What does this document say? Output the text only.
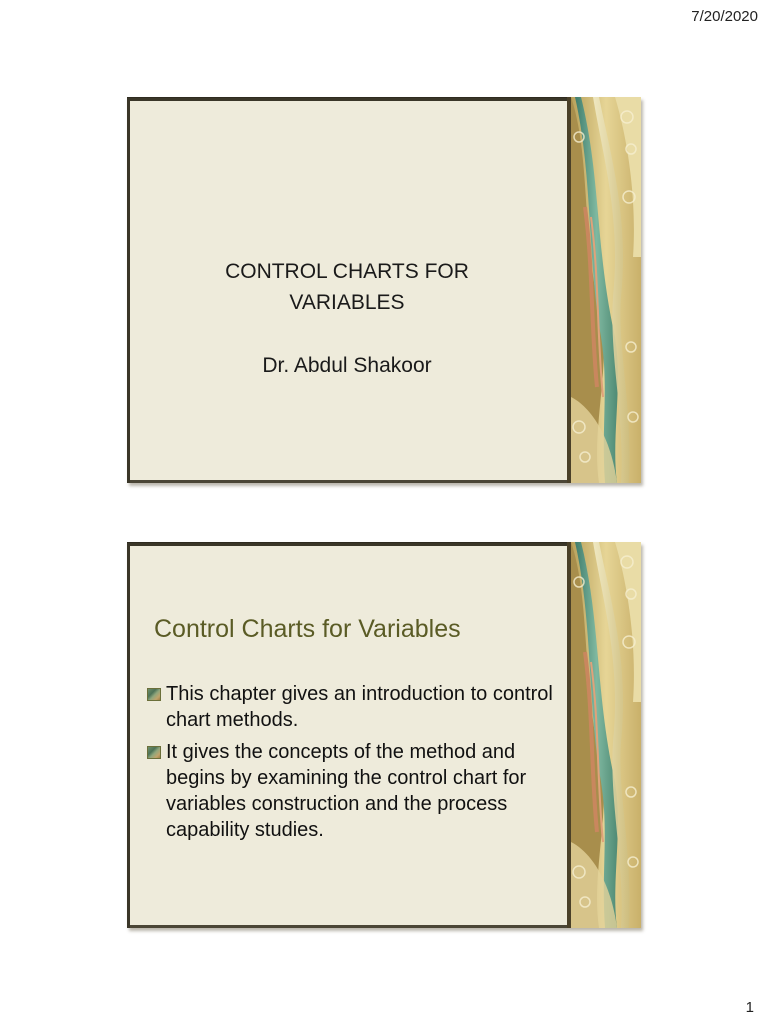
7/20/2020
CONTROL CHARTS FOR
VARIABLES
Dr. Abdul Shakoor
Control Charts for Variables
This chapter gives an introduction to control chart methods.
It gives the concepts of the method and begins by examining the control chart for variables construction and the process capability studies.
1
